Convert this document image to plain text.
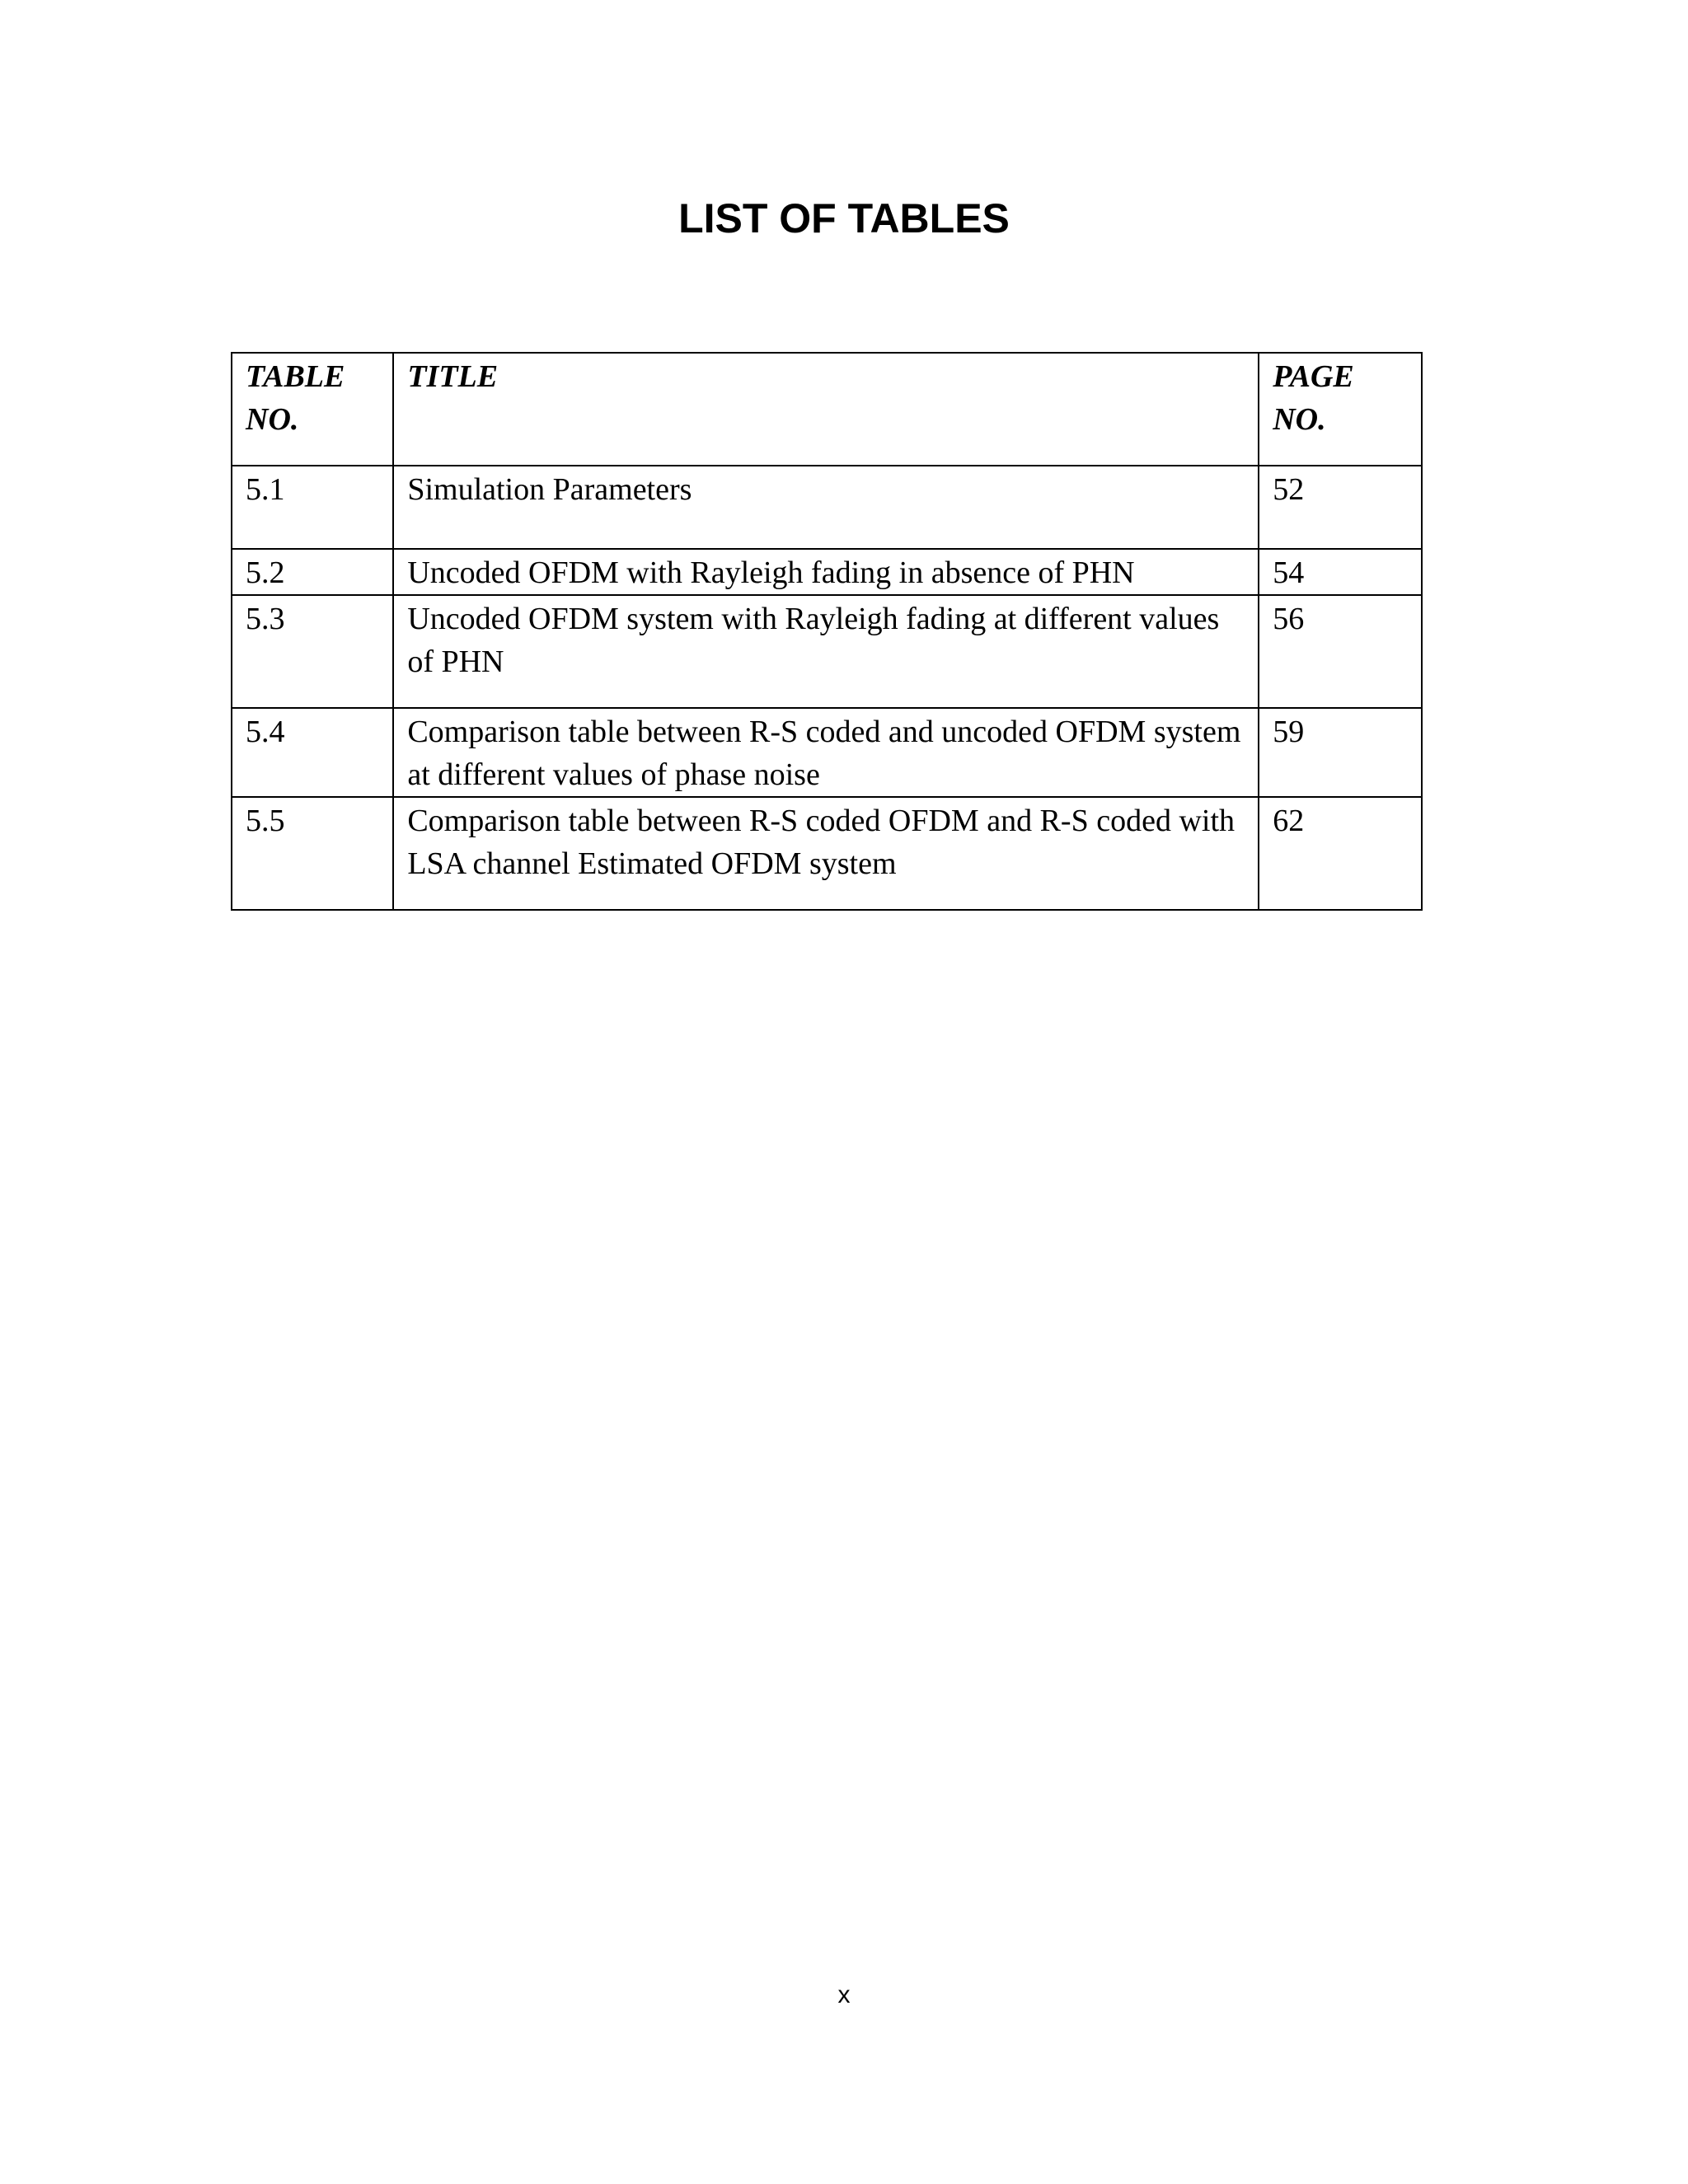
LIST OF TABLES
TABLE NO.	TITLE	PAGE NO.
5.1	Simulation Parameters	52
5.2	Uncoded OFDM with Rayleigh fading in absence of PHN	54
5.3	Uncoded OFDM system with Rayleigh fading at different values of PHN	56
5.4	Comparison table between R-S coded and uncoded OFDM system at different values of phase noise	59
5.5	Comparison table between R-S coded OFDM and R-S coded with LSA channel Estimated OFDM system	62
x
